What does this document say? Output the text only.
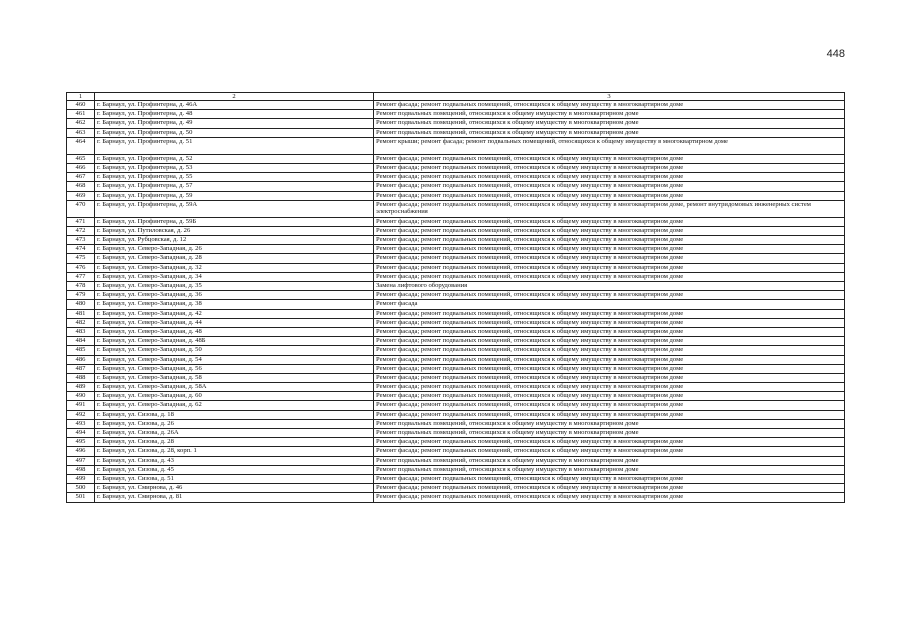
448
1	2	3
460	г. Барнаул, ул. Профинтерна, д. 46А	Ремонт фасада; ремонт подвальных помещений, относящихся к общему имуществу в многоквартирном доме
461	г. Барнаул, ул. Профинтерна, д. 48	Ремонт подвальных помещений, относящихся к общему имуществу в многоквартирном доме
462	г. Барнаул, ул. Профинтерна, д. 49	Ремонт подвальных помещений, относящихся к общему имуществу в многоквартирном доме
463	г. Барнаул, ул. Профинтерна, д. 50	Ремонт подвальных помещений, относящихся к общему имуществу в многоквартирном доме
464	г. Барнаул, ул. Профинтерна, д. 51	Ремонт крыши; ремонт фасада; ремонт подвальных помещений, относящихся к общему имуществу в многоквартирном доме
465	г. Барнаул, ул. Профинтерна, д. 52	Ремонт фасада; ремонт подвальных помещений, относящихся к общему имуществу в многоквартирном доме
466	г. Барнаул, ул. Профинтерна, д. 53	Ремонт фасада; ремонт подвальных помещений, относящихся к общему имуществу в многоквартирном доме
467	г. Барнаул, ул. Профинтерна, д. 55	Ремонт фасада; ремонт подвальных помещений, относящихся к общему имуществу в многоквартирном доме
468	г. Барнаул, ул. Профинтерна, д. 57	Ремонт фасада; ремонт подвальных помещений, относящихся к общему имуществу в многоквартирном доме
469	г. Барнаул, ул. Профинтерна, д. 59	Ремонт фасада; ремонт подвальных помещений, относящихся к общему имуществу в многоквартирном доме
470	г. Барнаул, ул. Профинтерна, д. 59А	Ремонт фасада; ремонт подвальных помещений, относящихся к общему имуществу в многоквартирном доме, ремонт внутридомовых инженерных систем электроснабжения
471	г. Барнаул, ул. Профинтерна, д. 59Б	Ремонт фасада; ремонт подвальных помещений, относящихся к общему имуществу в многоквартирном доме
472	г. Барнаул, ул. Путиловская, д. 26	Ремонт фасада; ремонт подвальных помещений, относящихся к общему имуществу в многоквартирном доме
473	г. Барнаул, ул. Рубцовская, д. 12	Ремонт фасада; ремонт подвальных помещений, относящихся к общему имуществу в многоквартирном доме
474	г. Барнаул, ул. Северо-Западная, д. 26	Ремонт фасада; ремонт подвальных помещений, относящихся к общему имуществу в многоквартирном доме
475	г. Барнаул, ул. Северо-Западная, д. 28	Ремонт фасада; ремонт подвальных помещений, относящихся к общему имуществу в многоквартирном доме
476	г. Барнаул, ул. Северо-Западная, д. 32	Ремонт фасада; ремонт подвальных помещений, относящихся к общему имуществу в многоквартирном доме
477	г. Барнаул, ул. Северо-Западная, д. 34	Ремонт фасада; ремонт подвальных помещений, относящихся к общему имуществу в многоквартирном доме
478	г. Барнаул, ул. Северо-Западная, д. 35	Замена лифтового оборудования
479	г. Барнаул, ул. Северо-Западная, д. 36	Ремонт фасада; ремонт подвальных помещений, относящихся к общему имуществу в многоквартирном доме
480	г. Барнаул, ул. Северо-Западная, д. 38	Ремонт фасада
481	г. Барнаул, ул. Северо-Западная, д. 42	Ремонт фасада; ремонт подвальных помещений, относящихся к общему имуществу в многоквартирном доме
482	г. Барнаул, ул. Северо-Западная, д. 44	Ремонт фасада; ремонт подвальных помещений, относящихся к общему имуществу в многоквартирном доме
483	г. Барнаул, ул. Северо-Западная, д. 48	Ремонт фасада; ремонт подвальных помещений, относящихся к общему имуществу в многоквартирном доме
484	г. Барнаул, ул. Северо-Западная, д. 48Б	Ремонт фасада; ремонт подвальных помещений, относящихся к общему имуществу в многоквартирном доме
485	г. Барнаул, ул. Северо-Западная, д. 50	Ремонт фасада; ремонт подвальных помещений, относящихся к общему имуществу в многоквартирном доме
486	г. Барнаул, ул. Северо-Западная, д. 54	Ремонт фасада; ремонт подвальных помещений, относящихся к общему имуществу в многоквартирном доме
487	г. Барнаул, ул. Северо-Западная, д. 56	Ремонт фасада; ремонт подвальных помещений, относящихся к общему имуществу в многоквартирном доме
488	г. Барнаул, ул. Северо-Западная, д. 58	Ремонт фасада; ремонт подвальных помещений, относящихся к общему имуществу в многоквартирном доме
489	г. Барнаул, ул. Северо-Западная, д. 58А	Ремонт фасада; ремонт подвальных помещений, относящихся к общему имуществу в многоквартирном доме
490	г. Барнаул, ул. Северо-Западная, д. 60	Ремонт фасада; ремонт подвальных помещений, относящихся к общему имуществу в многоквартирном доме
491	г. Барнаул, ул. Северо-Западная, д. 62	Ремонт фасада; ремонт подвальных помещений, относящихся к общему имуществу в многоквартирном доме
492	г. Барнаул, ул. Сизова, д. 18	Ремонт фасада; ремонт подвальных помещений, относящихся к общему имуществу в многоквартирном доме
493	г. Барнаул, ул. Сизова, д. 26	Ремонт подвальных помещений, относящихся к общему имуществу в многоквартирном доме
494	г. Барнаул, ул. Сизова, д. 26А	Ремонт подвальных помещений, относящихся к общему имуществу в многоквартирном доме
495	г. Барнаул, ул. Сизова, д. 28	Ремонт фасада; ремонт подвальных помещений, относящихся к общему имуществу в многоквартирном доме
496	г. Барнаул, ул. Сизова, д. 28, корп. 1	Ремонт фасада; ремонт подвальных помещений, относящихся к общему имуществу в многоквартирном доме
497	г. Барнаул, ул. Сизова, д. 43	Ремонт подвальных помещений, относящихся к общему имуществу в многоквартирном доме
498	г. Барнаул, ул. Сизова, д. 45	Ремонт подвальных помещений, относящихся к общему имуществу в многоквартирном доме
499	г. Барнаул, ул. Сизова, д. 51	Ремонт фасада; ремонт подвальных помещений, относящихся к общему имуществу в многоквартирном доме
500	г. Барнаул, ул. Смирнова, д. 46	Ремонт фасада; ремонт подвальных помещений, относящихся к общему имуществу в многоквартирном доме
501	г. Барнаул, ул. Смирнова, д. 81	Ремонт фасада; ремонт подвальных помещений, относящихся к общему имуществу в многоквартирном доме
